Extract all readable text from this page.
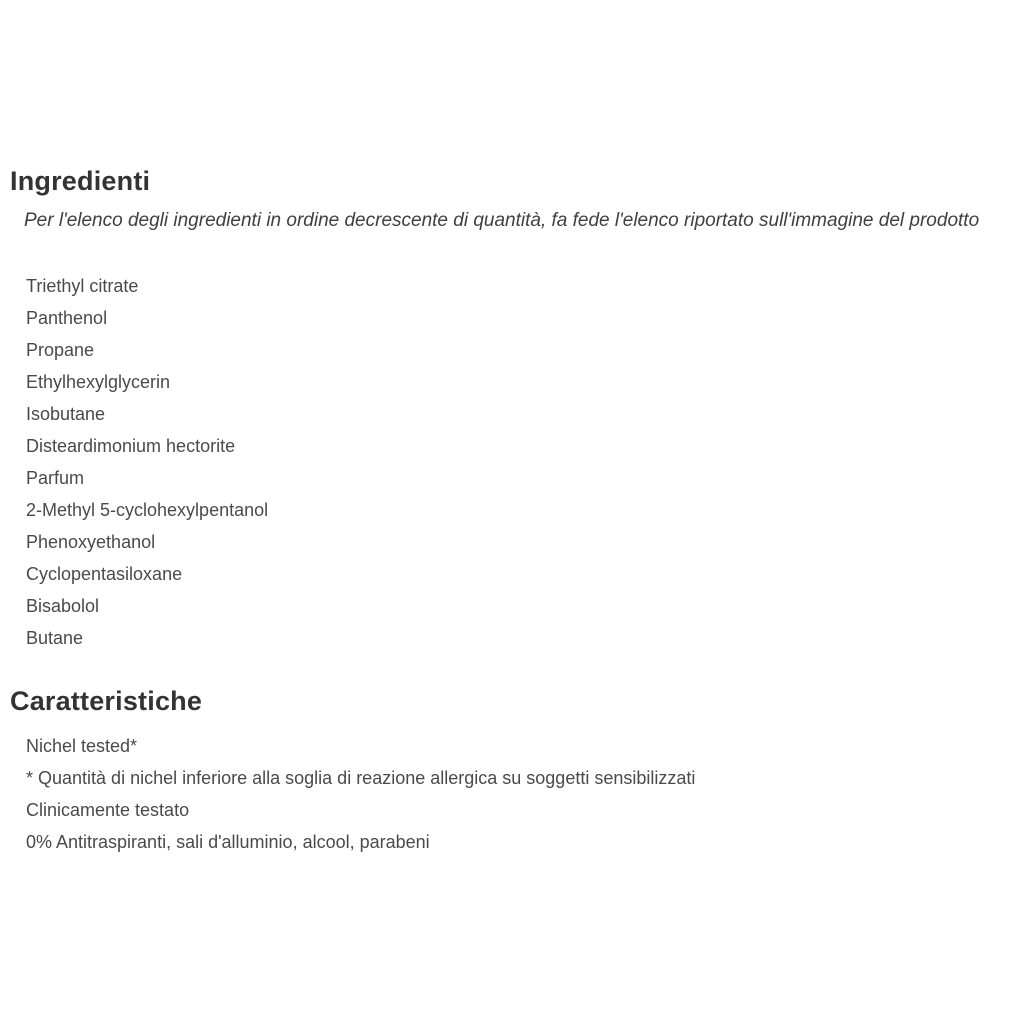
Ingredienti

Per l'elenco degli ingredienti in ordine decrescente di quantità, fa fede l'elenco riportato sull'immagine del prodotto

Triethyl citrate
Panthenol
Propane
Ethylhexylglycerin
Isobutane
Disteardimonium hectorite
Parfum
2-Methyl 5-cyclohexylpentanol
Phenoxyethanol
Cyclopentasiloxane
Bisabolol
Butane
Caratteristiche
Nichel tested*
* Quantità di nichel inferiore alla soglia di reazione allergica su soggetti sensibilizzati
Clinicamente testato
0% Antitraspiranti, sali d'alluminio, alcool, parabeni
